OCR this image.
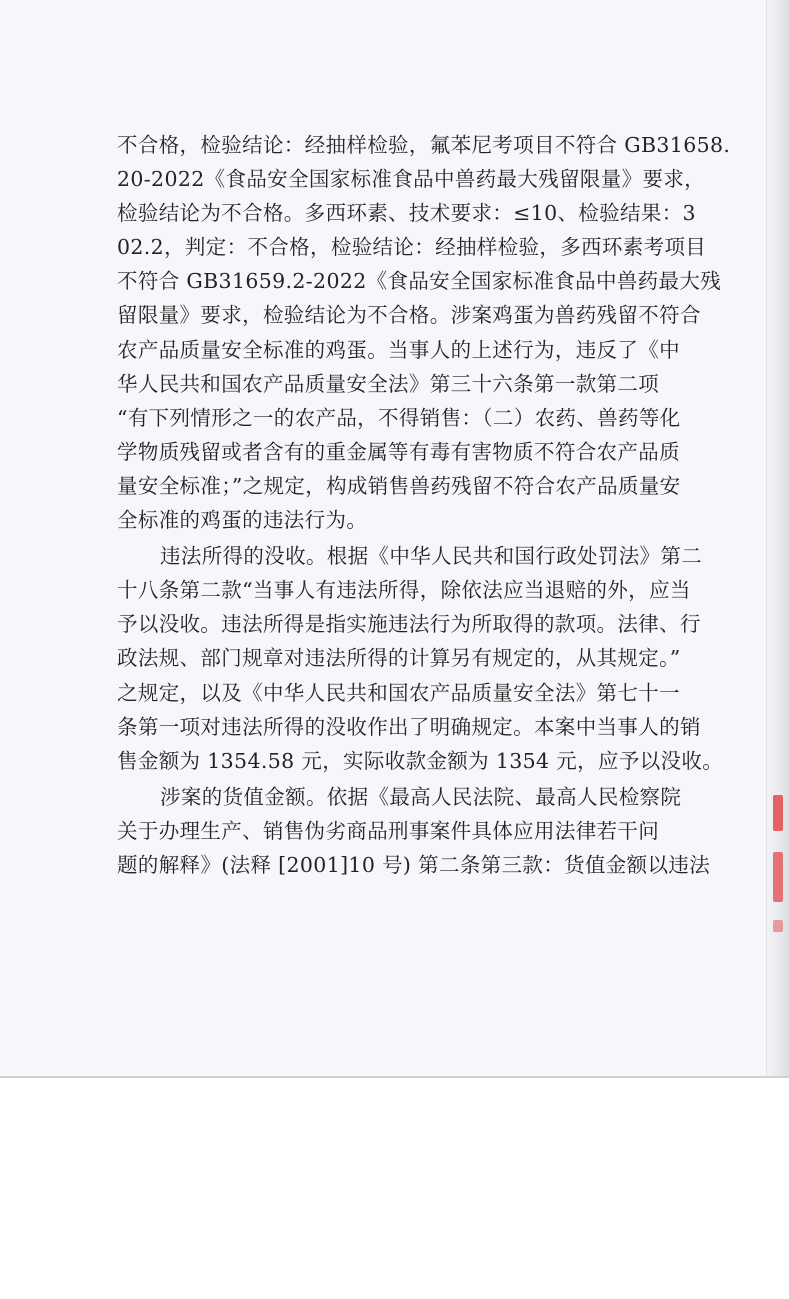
不合格，检验结论：经抽样检验，氟苯尼考项目不符合 GB31658.
20-2022《食品安全国家标准食品中兽药最大残留限量》要求，
检验结论为不合格。多西环素、技术要求：≤10、检验结果：3
02.2，判定：不合格，检验结论：经抽样检验，多西环素考项目
不符合 GB31659.2-2022《食品安全国家标准食品中兽药最大残
留限量》要求，检验结论为不合格。涉案鸡蛋为兽药残留不符合
农产品质量安全标准的鸡蛋。当事人的上述行为，违反了《中
华人民共和国农产品质量安全法》第三十六条第一款第二项
“有下列情形之一的农产品，不得销售：（二）农药、兽药等化
学物质残留或者含有的重金属等有毒有害物质不符合农产品质
量安全标准；”之规定，构成销售兽药残留不符合农产品质量安
全标准的鸡蛋的违法行为。
违法所得的没收。根据《中华人民共和国行政处罚法》第二
十八条第二款“当事人有违法所得，除依法应当退赔的外，应当
予以没收。违法所得是指实施违法行为所取得的款项。法律、行
政法规、部门规章对违法所得的计算另有规定的，从其规定。”
之规定，以及《中华人民共和国农产品质量安全法》第七十一
条第一项对违法所得的没收作出了明确规定。本案中当事人的销
售金额为 1354.58 元，实际收款金额为 1354 元，应予以没收。
涉案的货值金额。依据《最高人民法院、最高人民检察院
关于办理生产、销售伪劣商品刑事案件具体应用法律若干问
题的解释》(法释 [2001]10 号) 第二条第三款：货值金额以违法
